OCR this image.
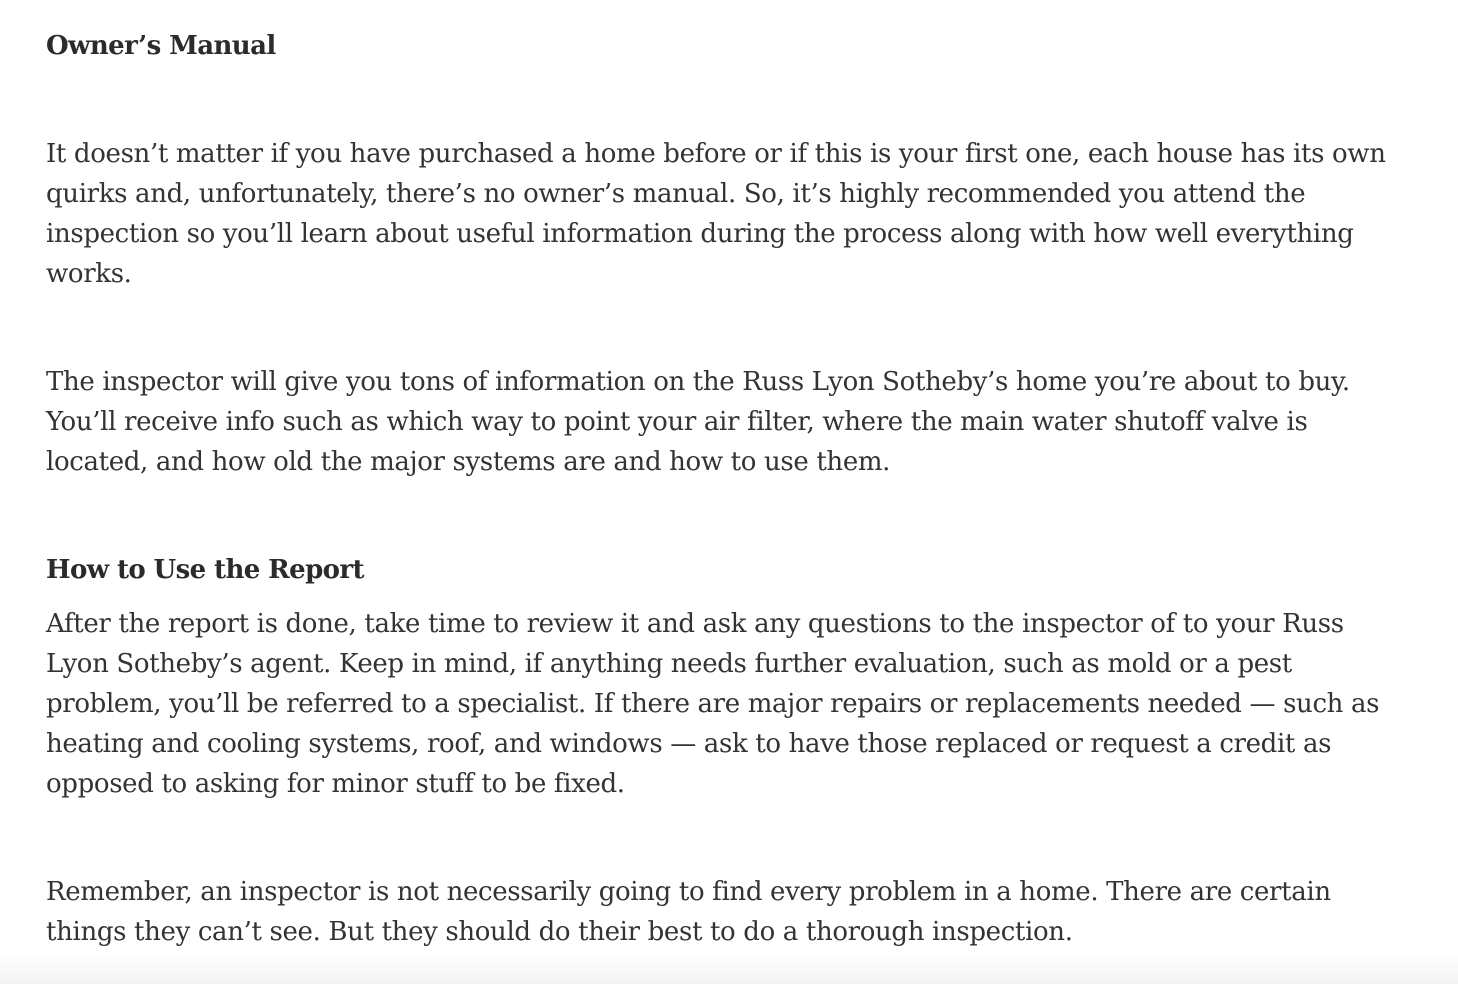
Owner’s Manual

It doesn’t matter if you have purchased a home before or if this is your first one, each house has its own
quirks and, unfortunately, there’s no owner’s manual. So, it’s highly recommended you attend the
inspection so you’ll learn about useful information during the process along with how well everything
works.

The inspector will give you tons of information on the Russ Lyon Sotheby’s home you’re about to buy.
You’ll receive info such as which way to point your air filter, where the main water shutoff valve is
located, and how old the major systems are and how to use them.

How to Use the Report

After the report is done, take time to review it and ask any questions to the inspector of to your Russ
Lyon Sotheby’s agent. Keep in mind, if anything needs further evaluation, such as mold or a pest
problem, you’ll be referred to a specialist. If there are major repairs or replacements needed — such as
heating and cooling systems, roof, and windows — ask to have those replaced or request a credit as
opposed to asking for minor stuff to be fixed.

Remember, an inspector is not necessarily going to find every problem in a home. There are certain
things they can’t see. But they should do their best to do a thorough inspection.
